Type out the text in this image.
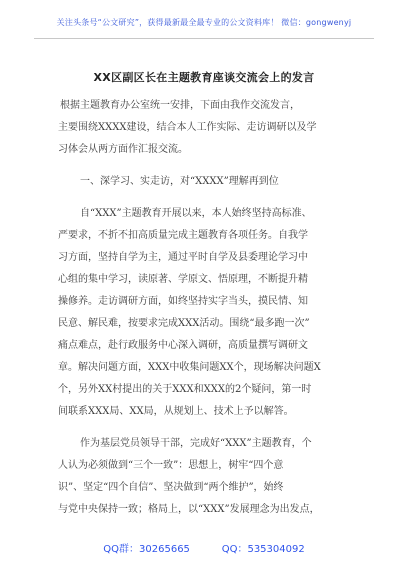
关注头条号“公文研究”，获得最新最全最专业的公文资料库！ 微信：gongwenyj
XX区副区长在主题教育座谈交流会上的发言
根据主题教育办公室统一安排，下面由我作交流发言，
主要围绕XXXX建设，结合本人工作实际、走访调研以及学
习体会从两方面作汇报交流。
一、深学习、实走访，对“XXXX”理解再到位
自“XXX”主题教育开展以来，本人始终坚持高标准、
严要求，不折不扣高质量完成主题教育各项任务。自我学
习方面，坚持自学为主，通过平时自学及县委理论学习中
心组的集中学习，读原著、学原文、悟原理，不断提升精
操修养。走访调研方面，如终坚持实字当头，摸民情、知
民意、解民难，按要求完成XXX活动。围绕“最多跑一次”
痛点难点，赴行政服务中心深入调研，高质量撰写调研文
章。解决问题方面，XXX中收集问题XX个，现场解决问题X
个，另外XX村提出的关于XXX和XXX的2个疑问，第一时
间联系XXX局、XX局，从规划上、技术上予以解答。
作为基层党员领导干部，完成好“XXX”主题教育，个
人认为必须做到“三个一致”：思想上，树牢“四个意
识”、坚定“四个自信”、坚决做到“两个维护”，始终
与党中央保持一致；格局上，以“XXX”发展理念为出发点，
QQ群：30265665          QQ：535304092
